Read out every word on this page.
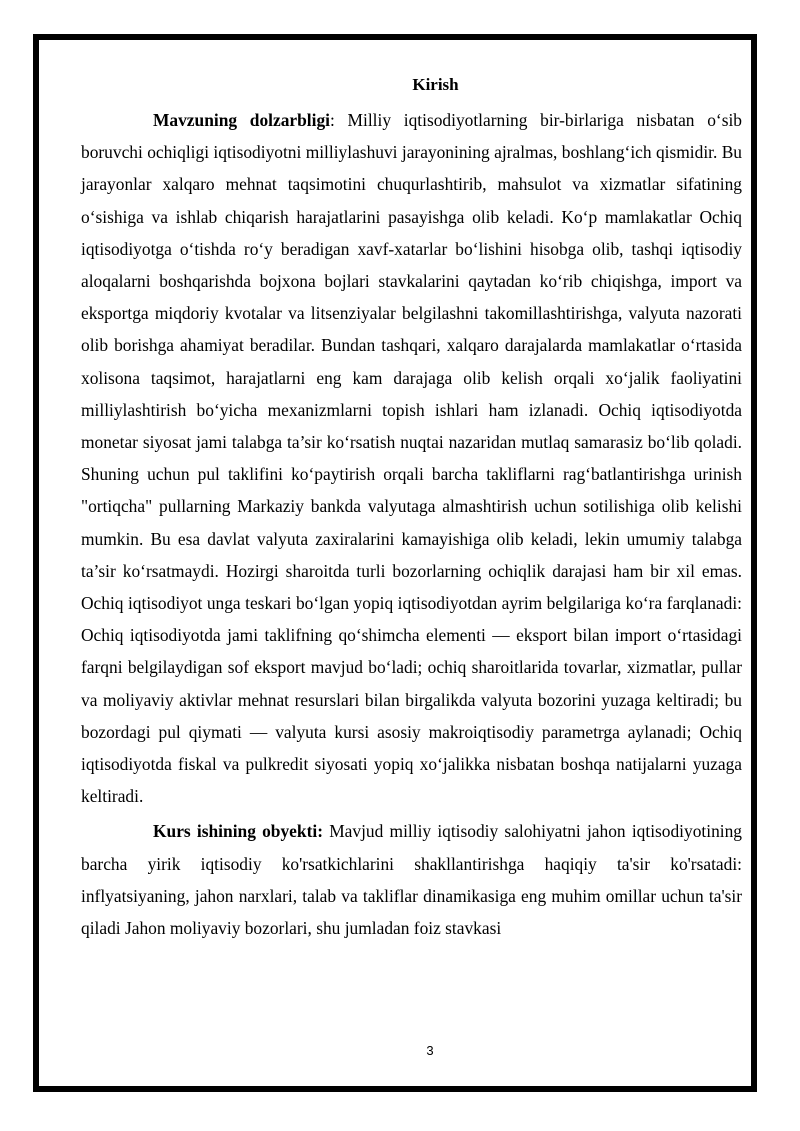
Kirish

Mavzuning dolzarbligi: Milliy iqtisodiyotlarning bir-birlariga nisbatan o‘sib boruvchi ochiqligi iqtisodiyotni milliylashuvi jarayonining ajralmas, boshlang‘ich qismidir. Bu jarayonlar xalqaro mehnat taqsimotini chuqurlashtirib, mahsulot va xizmatlar sifatining o‘sishiga va ishlab chiqarish harajatlarini pasayishga olib keladi. Ko‘p mamlakatlar Ochiq iqtisodiyotga o‘tishda ro‘y beradigan xavf-xatarlar bo‘lishini hisobga olib, tashqi iqtisodiy aloqalarni boshqarishda bojxona bojlari stavkalarini qaytadan ko‘rib chiqishga, import va eksportga miqdoriy kvotalar va litsenziyalar belgilashni takomillashtirishga, valyuta nazorati olib borishga ahamiyat beradilar. Bundan tashqari, xalqaro darajalarda mamlakatlar o‘rtasida xolisona taqsimot, harajatlarni eng kam darajaga olib kelish orqali xo‘jalik faoliyatini milliylashtirish bo‘yicha mexanizmlarni topish ishlari ham izlanadi. Ochiq iqtisodiyotda monetar siyosat jami talabga ta’sir ko‘rsatish nuqtai nazaridan mutlaq samarasiz bo‘lib qoladi. Shuning uchun pul taklifini ko‘paytirish orqali barcha takliflarni rag‘batlantirishga urinish "ortiqcha" pullarning Markaziy bankda valyutaga almashtirish uchun sotilishiga olib kelishi mumkin. Bu esa davlat valyuta zaxiralarini kamayishiga olib keladi, lekin umumiy talabga ta’sir ko‘rsatmaydi. Hozirgi sharoitda turli bozorlarning ochiqlik darajasi ham bir xil emas. Ochiq iqtisodiyot unga teskari bo‘lgan yopiq iqtisodiyotdan ayrim belgilariga ko‘ra farqlanadi: Ochiq iqtisodiyotda jami taklifning qo‘shimcha elementi — eksport bilan import o‘rtasidagi farqni belgilaydigan sof eksport mavjud bo‘ladi; ochiq sharoitlarida tovarlar, xizmatlar, pullar va moliyaviy aktivlar mehnat resurslari bilan birgalikda valyuta bozorini yuzaga keltiradi; bu bozordagi pul qiymati — valyuta kursi asosiy makroiqtisodiy parametrga aylanadi; Ochiq iqtisodiyotda fiskal va pulkredit siyosati yopiq xo‘jalikka nisbatan boshqa natijalarni yuzaga keltiradi.

Kurs ishining obyekti: Mavjud milliy iqtisodiy salohiyatni jahon iqtisodiyotining barcha yirik iqtisodiy ko'rsatkichlarini shakllantirishga haqiqiy ta'sir ko'rsatadi: inflyatsiyaning, jahon narxlari, talab va takliflar dinamikasiga eng muhim omillar uchun ta'sir qiladi Jahon moliyaviy bozorlari, shu jumladan foiz stavkasi

3
